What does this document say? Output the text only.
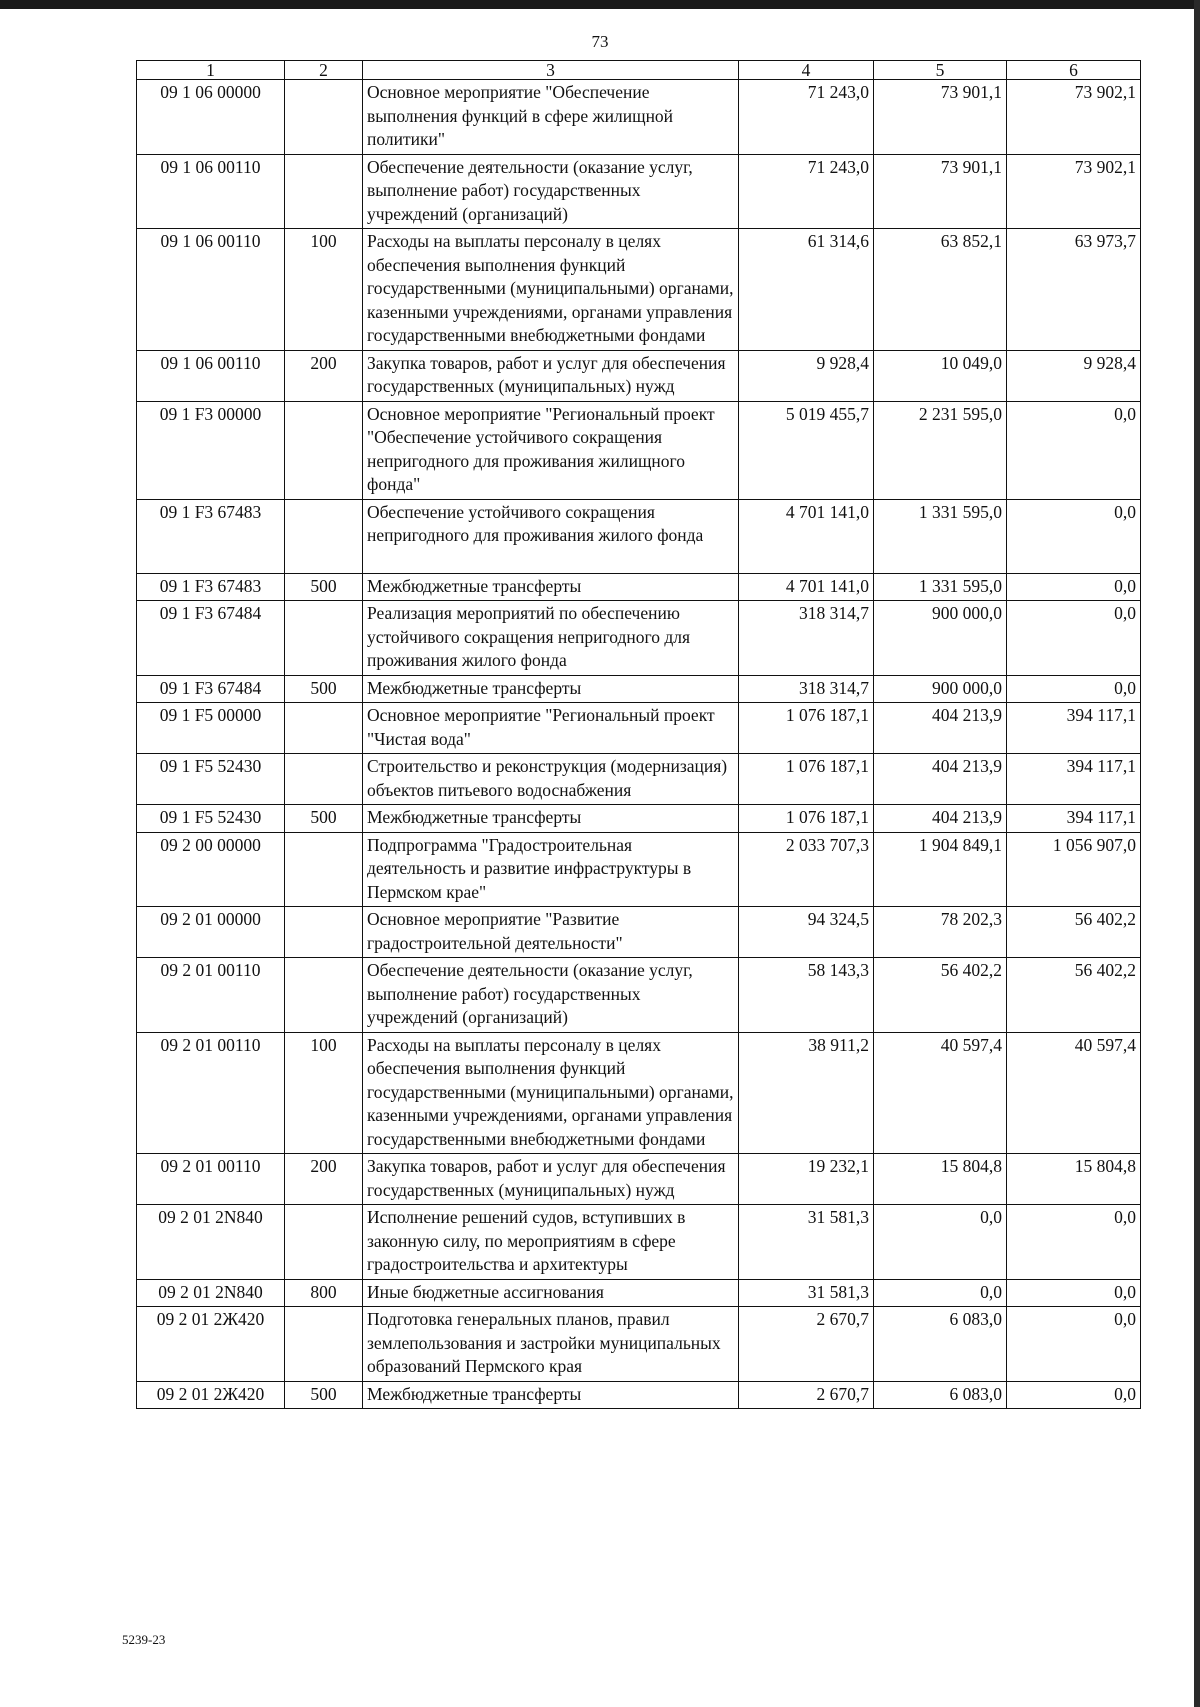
73
1	2	3	4	5	6
09 1 06 00000		Основное мероприятие "Обеспечение выполнения функций в сфере жилищной политики"	71 243,0	73 901,1	73 902,1
09 1 06 00110		Обеспечение деятельности (оказание услуг, выполнение работ) государственных учреждений (организаций)	71 243,0	73 901,1	73 902,1
09 1 06 00110	100	Расходы на выплаты персоналу в целях обеспечения выполнения функций государственными (муниципальными) органами, казенными учреждениями, органами управления государственными внебюджетными фондами	61 314,6	63 852,1	63 973,7
09 1 06 00110	200	Закупка товаров, работ и услуг для обеспечения государственных (муниципальных) нужд	9 928,4	10 049,0	9 928,4
09 1 F3 00000		Основное мероприятие "Региональный проект "Обеспечение устойчивого сокращения непригодного для проживания жилищного фонда"	5 019 455,7	2 231 595,0	0,0
09 1 F3 67483		Обеспечение устойчивого сокращения непригодного для проживания жилого фонда	4 701 141,0	1 331 595,0	0,0
09 1 F3 67483	500	Межбюджетные трансферты	4 701 141,0	1 331 595,0	0,0
09 1 F3 67484		Реализация мероприятий по обеспечению устойчивого сокращения непригодного для проживания жилого фонда	318 314,7	900 000,0	0,0
09 1 F3 67484	500	Межбюджетные трансферты	318 314,7	900 000,0	0,0
09 1 F5 00000		Основное мероприятие "Региональный проект "Чистая вода"	1 076 187,1	404 213,9	394 117,1
09 1 F5 52430		Строительство и реконструкция (модернизация) объектов питьевого водоснабжения	1 076 187,1	404 213,9	394 117,1
09 1 F5 52430	500	Межбюджетные трансферты	1 076 187,1	404 213,9	394 117,1
09 2 00 00000		Подпрограмма "Градостроительная деятельность и развитие инфраструктуры в Пермском крае"	2 033 707,3	1 904 849,1	1 056 907,0
09 2 01 00000		Основное мероприятие "Развитие градостроительной деятельности"	94 324,5	78 202,3	56 402,2
09 2 01 00110		Обеспечение деятельности (оказание услуг, выполнение работ) государственных учреждений (организаций)	58 143,3	56 402,2	56 402,2
09 2 01 00110	100	Расходы на выплаты персоналу в целях обеспечения выполнения функций государственными (муниципальными) органами, казенными учреждениями, органами управления государственными внебюджетными фондами	38 911,2	40 597,4	40 597,4
09 2 01 00110	200	Закупка товаров, работ и услуг для обеспечения государственных (муниципальных) нужд	19 232,1	15 804,8	15 804,8
09 2 01 2N840		Исполнение решений судов, вступивших в законную силу, по мероприятиям в сфере градостроительства и архитектуры	31 581,3	0,0	0,0
09 2 01 2N840	800	Иные бюджетные ассигнования	31 581,3	0,0	0,0
09 2 01 2Ж420		Подготовка генеральных планов, правил землепользования и застройки муниципальных образований Пермского края	2 670,7	6 083,0	0,0
09 2 01 2Ж420	500	Межбюджетные трансферты	2 670,7	6 083,0	0,0
5239-23
